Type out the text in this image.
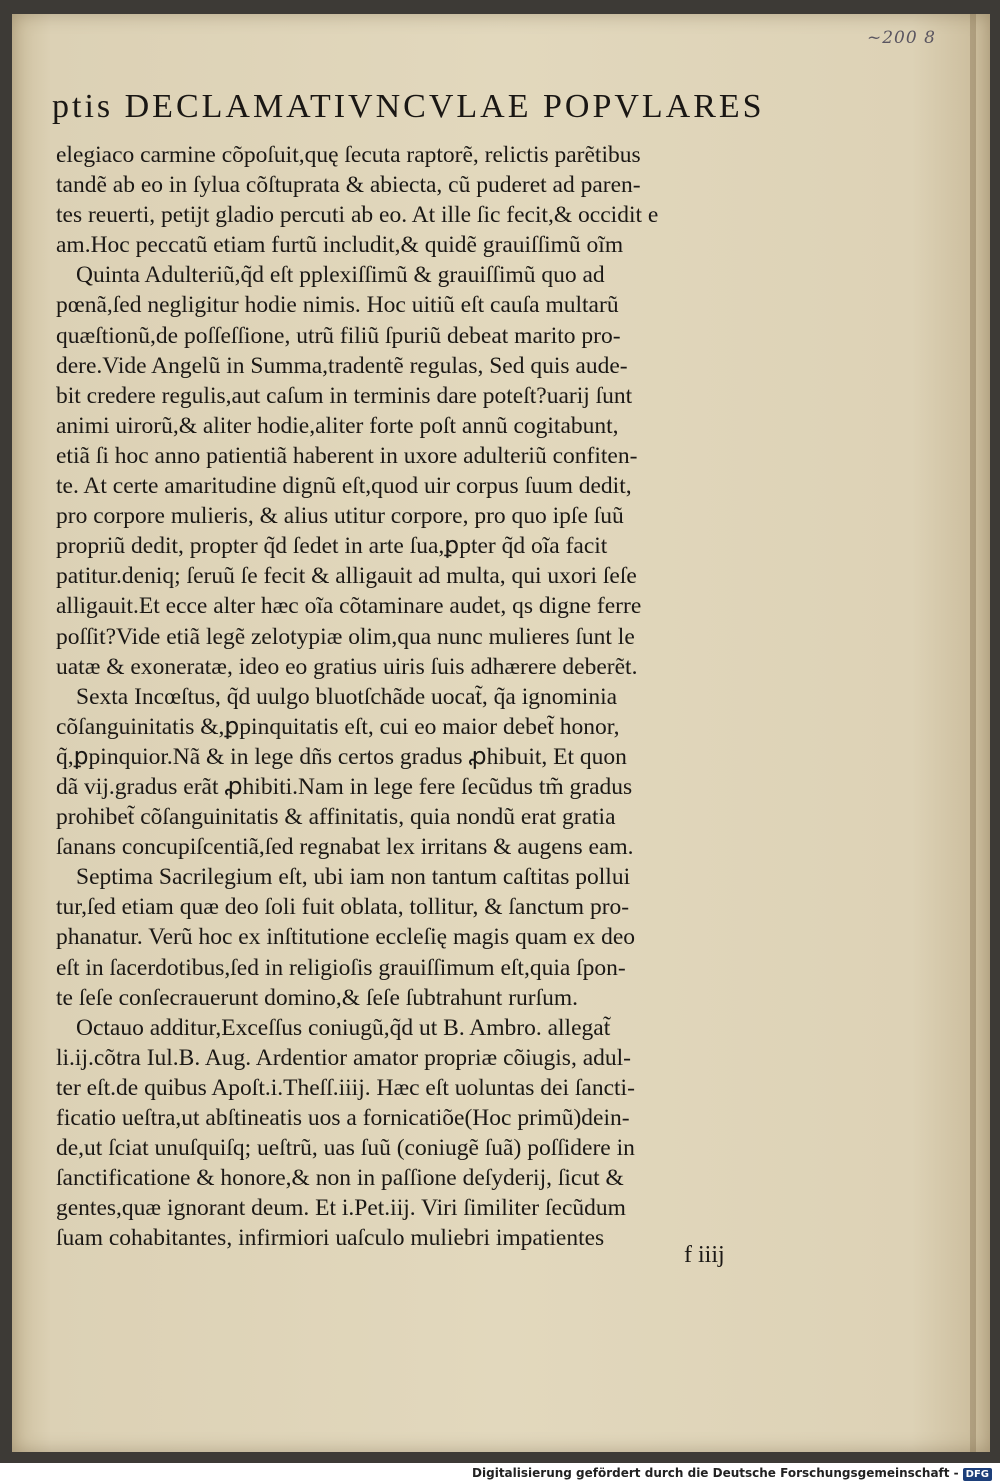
~200 8
ptis DECLAMATIVNCVLAE POPVLARES
elegiaco carmine cõpoſuit,quę ſecuta raptorẽ, relictis parẽtibus
tandẽ ab eo in ſylua cõſtuprata & abiecta, cũ puderet ad paren-
tes reuerti, petijt gladio percuti ab eo. At ille ſic fecit,& occidit e
am.Hoc peccatũ etiam furtũ includit,& quidẽ grauiſſimũ oĩm
Quinta Adulteriũ,q̃d eſt pplexiſſimũ & grauiſſimũ quo ad
pœnã,ſed negligitur hodie nimis. Hoc uitiũ eſt cauſa multarũ
quæſtionũ,de poſſeſſione, utrũ filiũ ſpuriũ debeat marito pro-
dere.Vide Angelũ in Summa,tradentẽ regulas, Sed quis aude-
bit credere regulis,aut caſum in terminis dare poteſt?uarij ſunt
animi uirorũ,& aliter hodie,aliter forte poſt annũ cogitabunt,
etiã ſi hoc anno patientiã haberent in uxore adulteriũ confiten-
te. At certe amaritudine dignũ eſt,quod uir corpus ſuum dedit,
pro corpore mulieris, & alius utitur corpore, pro quo ipſe ſuũ
propriũ dedit, propter q̃d ſedet in arte ſua,ꝑpter q̃d oĩa facit
patitur.deniq; ſeruũ ſe fecit & alligauit ad multa, qui uxori ſeſe
alligauit.Et ecce alter hæc oĩa cõtaminare audet, qs digne ferre
poſſit?Vide etiã legẽ zelotypiæ olim,qua nunc mulieres ſunt le
uatæ & exoneratæ, ideo eo gratius uiris ſuis adhærere deberẽt.
Sexta Incœſtus, q̃d uulgo bluotſchãde uocat̃, q̃a ignominia
cõſanguinitatis &,ꝑpinquitatis eſt, cui eo maior debet̃ honor,
q̃,ꝑpinquior.Nã & in lege dñs certos gradus ꝓhibuit, Et quon
dã vij.gradus erãt ꝓhibiti.Nam in lege fere ſecũdus tm̃ gradus
prohibet̃ cõſanguinitatis & affinitatis, quia nondũ erat gratia
ſanans concupiſcentiã,ſed regnabat lex irritans & augens eam.
Septima Sacrilegium eſt, ubi iam non tantum caſtitas pollui
tur,ſed etiam quæ deo ſoli fuit oblata, tollitur, & ſanctum pro-
phanatur. Verũ hoc ex inſtitutione eccleſię magis quam ex deo
eſt in ſacerdotibus,ſed in religioſis grauiſſimum eſt,quia ſpon-
te ſeſe conſecrauerunt domino,& ſeſe ſubtrahunt rurſum.
Octauo additur,Exceſſus coniugũ,q̃d ut B. Ambro. allegat̃
li.ij.cõtra Iul.B. Aug. Ardentior amator propriæ cõiugis, adul-
ter eſt.de quibus Apoſt.i.Theſſ.iiij. Hæc eſt uoluntas dei ſancti-
ficatio ueſtra,ut abſtineatis uos a fornicatiõe(Hoc primũ)dein-
de,ut ſciat unuſquiſq; ueſtrũ, uas ſuũ (coniugẽ ſuã) poſſidere in
ſanctificatione & honore,& non in paſſione deſyderij, ſicut &
gentes,quæ ignorant deum. Et i.Pet.iij. Viri ſimiliter ſecũdum
ſuam cohabitantes, infirmiori uaſculo muliebri impatientes
f iiij
Digitalisierung gefördert durch die Deutsche Forschungsgemeinschaft - DFG
